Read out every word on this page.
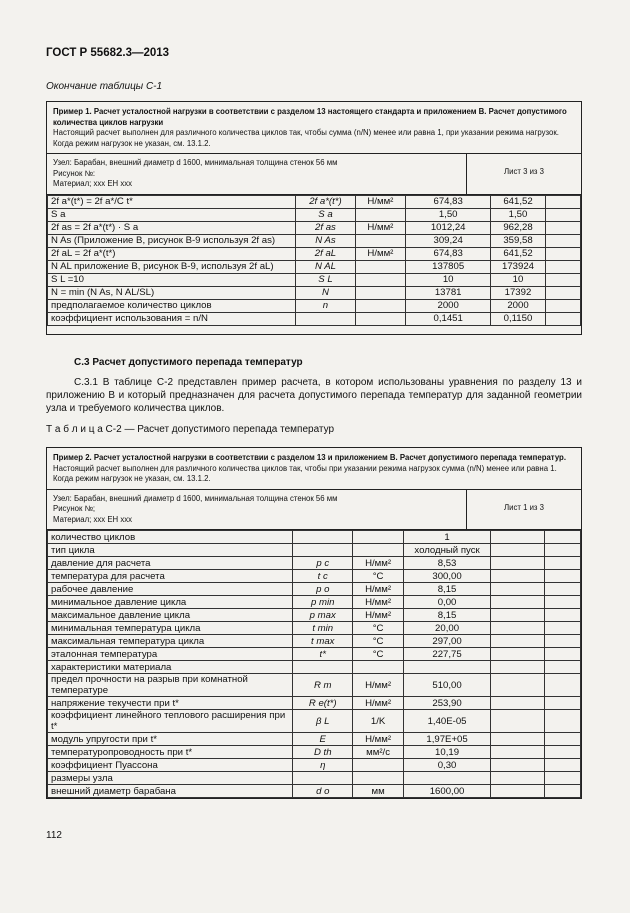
ГОСТ Р 55682.3—2013
Окончание таблицы С-1
Пример 1. Расчет усталостной нагрузки в соответствии с разделом 13 настоящего стандарта и приложением В. Расчет допустимого количества циклов нагрузки
Настоящий расчет выполнен для различного количества циклов так, чтобы сумма (n/N) менее или равна 1, при указании режима нагрузок. Когда режим нагрузок не указан, см. 13.1.2.
Узел: Барабан, внешний диаметр d 1600, минимальная толщина стенок 56 мм
Рисунок №:
Материал; ххх ЕН ххх
Лист 3 из 3
2f a*(t*) = 2f a*/C t*	2f a*(t*)	Н/мм²	674,83	641,52	
S a	S a		1,50	1,50	
2f as = 2f a*(t*) · S a	2f as	Н/мм²	1012,24	962,28	
N As (Приложение В, рисунок В-9 используя 2f as)	N As		309,24	359,58	
2f aL = 2f a*(t*)	2f aL	Н/мм²	674,83	641,52	
N AL приложение В, рисунок В-9, используя 2f aL)	N AL		137805	173924	
S L =10	S L		10	10	
N = min (N As, N AL/SL)	N		13781	17392	
предполагаемое количество циклов	n		2000	2000	
коэффициент использования = n/N			0,1451	0,1150	
С.3 Расчет допустимого перепада температур
С.3.1 В таблице С-2 представлен пример расчета, в котором использованы уравнения по разделу 13 и приложению В и который предназначен для расчета допустимого перепада температур для заданной геометрии узла и требуемого количества циклов.
Т а б л и ц а С-2 — Расчет допустимого перепада температур
Пример 2. Расчет усталостной нагрузки в соответствии с разделом 13 и приложением В. Расчет допустимого перепада температур.
Настоящий расчет выполнен для различного количества циклов так, чтобы при указании режима нагрузок сумма (n/N) менее или равна 1. Когда режим нагрузок не указан, см. 13.1.2.
Узел: Барабан, внешний диаметр d 1600, минимальная толщина стенок 56 мм
Рисунок №;
Материал; ххх ЕН ххх
Лист 1 из 3
количество циклов			1		
тип цикла			холодный пуск		
давление для расчета	p c	Н/мм²	8,53		
температура для расчета	t c	°С	300,00		
рабочее давление	p o	Н/мм²	8,15		
минимальное давление цикла	p min	Н/мм²	0,00		
максимальное давление цикла	p max	Н/мм²	8,15		
минимальная температура цикла	t min	°С	20,00		
максимальная температура цикла	t max	°С	297,00		
эталонная температура	t*	°С	227,75		
характеристики материала					
предел прочности на разрыв при комнатной температуре	R m	Н/мм²	510,00		
напряжение текучести при t*	R e(t*)	Н/мм²	253,90		
коэффициент линейного теплового расширения при t*	β L	1/K	1,40E-05		
модуль упругости при t*	E	Н/мм²	1,97E+05		
температуропроводность при t*	D th	мм²/с	10,19		
коэффициент Пуассона	η		0,30		
размеры узла					
внешний диаметр барабана	d o	мм	1600,00		
112
